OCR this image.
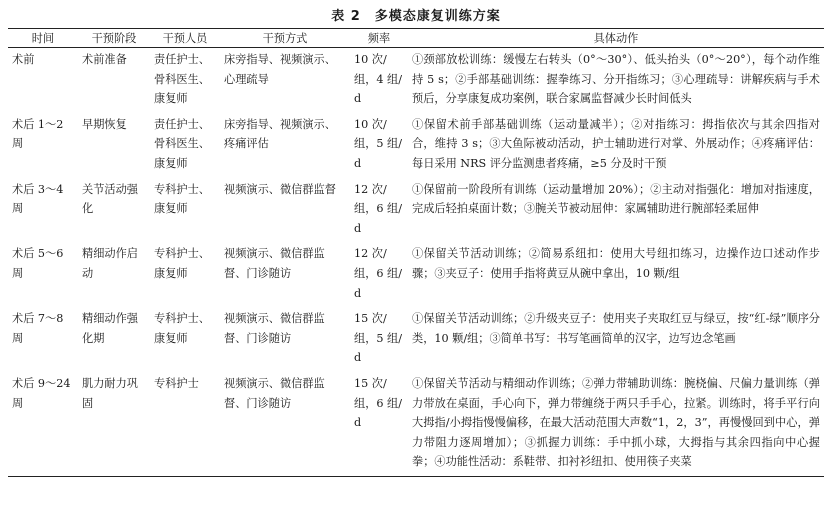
表 2 多模态康复训练方案
时间	干预阶段	干预人员	干预方式	频率	具体动作
术前	术前准备	责任护士、骨科医生、康复师	床旁指导、视频演示、心理疏导	10 次/组，4 组/d	①颈部放松训练：缓慢左右转头（0°～30°）、低头抬头（0°～20°），每个动作维持 5 s；②手部基础训练：握拳练习、分开指练习；③心理疏导：讲解疾病与手术预后，分享康复成功案例，联合家属监督减少长时间低头
术后 1～2 周	早期恢复	责任护士、骨科医生、康复师	床旁指导、视频演示、疼痛评估	10 次/组，5 组/d	①保留术前手部基础训练（运动量减半）；②对指练习：拇指依次与其余四指对合，维持 3 s；③大鱼际被动活动，护士辅助进行对掌、外展动作；④疼痛评估：每日采用 NRS 评分监测患者疼痛，≥5 分及时干预
术后 3～4 周	关节活动强化	专科护士、康复师	视频演示、微信群监督	12 次/组，6 组/d	①保留前一阶段所有训练（运动量增加 20%）；②主动对指强化：增加对指速度，完成后轻拍桌面计数；③腕关节被动屈伸：家属辅助进行腕部轻柔屈伸
术后 5～6 周	精细动作启动	专科护士、康复师	视频演示、微信群监督、门诊随访	12 次/组，6 组/d	①保留关节活动训练；②简易系纽扣：使用大号纽扣练习，边操作边口述动作步骤；③夹豆子：使用手指将黄豆从碗中拿出，10 颗/组
术后 7～8 周	精细动作强化期	专科护士、康复师	视频演示、微信群监督、门诊随访	15 次/组，5 组/d	①保留关节活动训练；②升级夹豆子：使用夹子夹取红豆与绿豆，按“红-绿”顺序分类，10 颗/组；③简单书写：书写笔画简单的汉字，边写边念笔画
术后 9～24 周	肌力耐力巩固	专科护士	视频演示、微信群监督、门诊随访	15 次/组，6 组/d	①保留关节活动与精细动作训练；②弹力带辅助训练：腕桡偏、尺偏力量训练（弹力带放在桌面，手心向下，弹力带缠绕于两只手手心，拉紧。训练时，将手平行向大拇指/小拇指慢慢偏移，在最大活动范围大声数“1，2，3”，再慢慢回到中心，弹力带阻力逐周增加）；③抓握力训练：手中抓小球，大拇指与其余四指向中心握拳；④功能性活动：系鞋带、扣衬衫纽扣、使用筷子夹菜
